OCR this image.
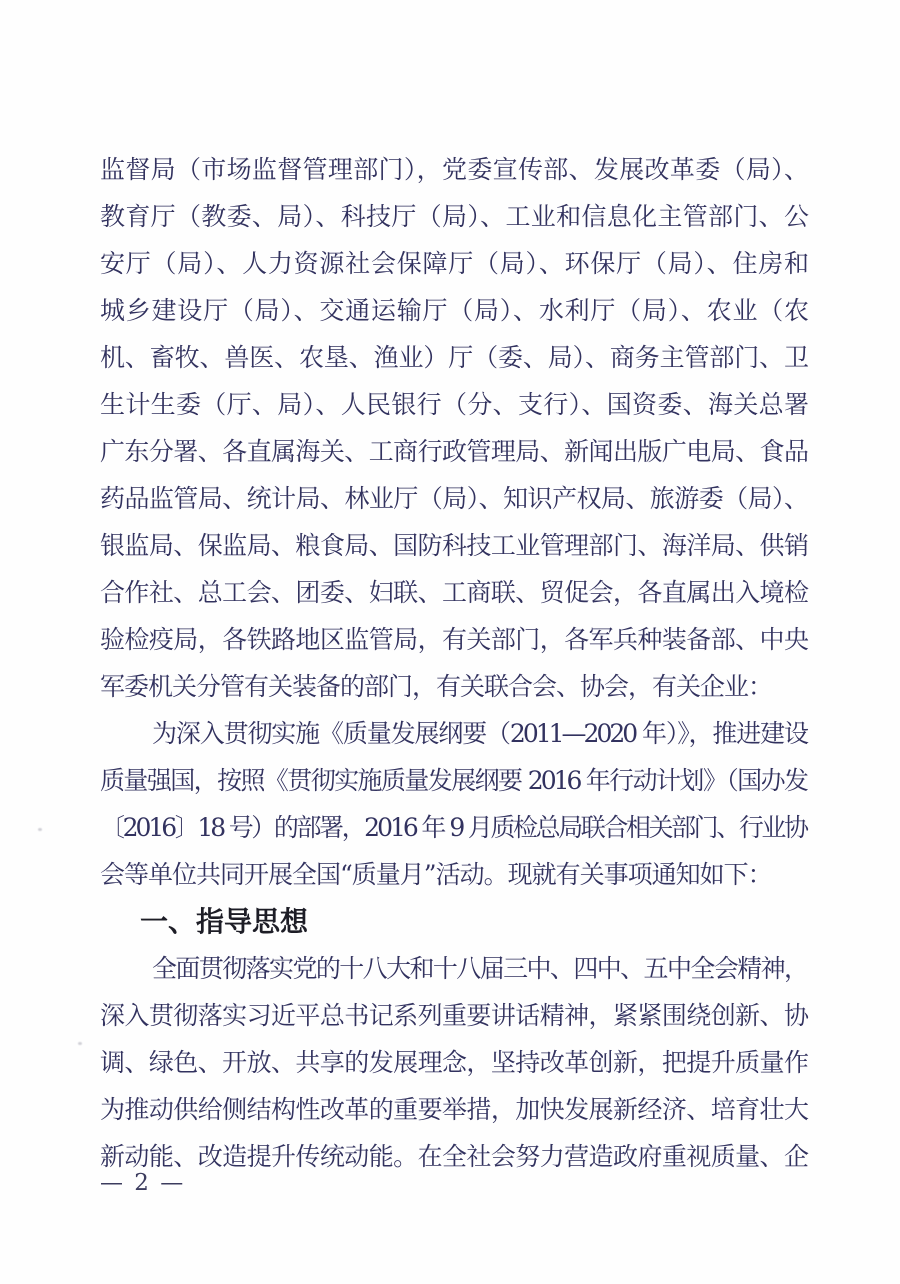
监督局（市场监督管理部门），党委宣传部、发展改革委（局）、
教育厅（教委、局）、科技厅（局）、工业和信息化主管部门、公
安厅（局）、人力资源社会保障厅（局）、环保厅（局）、住房和
城乡建设厅（局）、交通运输厅（局）、水利厅（局）、农业（农
机、畜牧、兽医、农垦、渔业）厅（委、局）、商务主管部门、卫
生计生委（厅、局）、人民银行（分、支行）、国资委、海关总署
广东分署、各直属海关、工商行政管理局、新闻出版广电局、食品
药品监管局、统计局、林业厅（局）、知识产权局、旅游委（局）、
银监局、保监局、粮食局、国防科技工业管理部门、海洋局、供销
合作社、总工会、团委、妇联、工商联、贸促会，各直属出入境检
验检疫局，各铁路地区监管局，有关部门，各军兵种装备部、中央
军委机关分管有关装备的部门，有关联合会、协会，有关企业：
为深入贯彻实施《质量发展纲要（2011—2020 年）》，推进建设
质量强国，按照《贯彻实施质量发展纲要 2016 年行动计划》（国办发
〔2016〕18 号）的部署，2016 年 9 月质检总局联合相关部门、行业协
会等单位共同开展全国“质量月”活动。现就有关事项通知如下：
一、指导思想
全面贯彻落实党的十八大和十八届三中、四中、五中全会精神，
深入贯彻落实习近平总书记系列重要讲话精神，紧紧围绕创新、协
调、绿色、开放、共享的发展理念，坚持改革创新，把提升质量作
为推动供给侧结构性改革的重要举措，加快发展新经济、培育壮大
新动能、改造提升传统动能。在全社会努力营造政府重视质量、企
— 2 —
